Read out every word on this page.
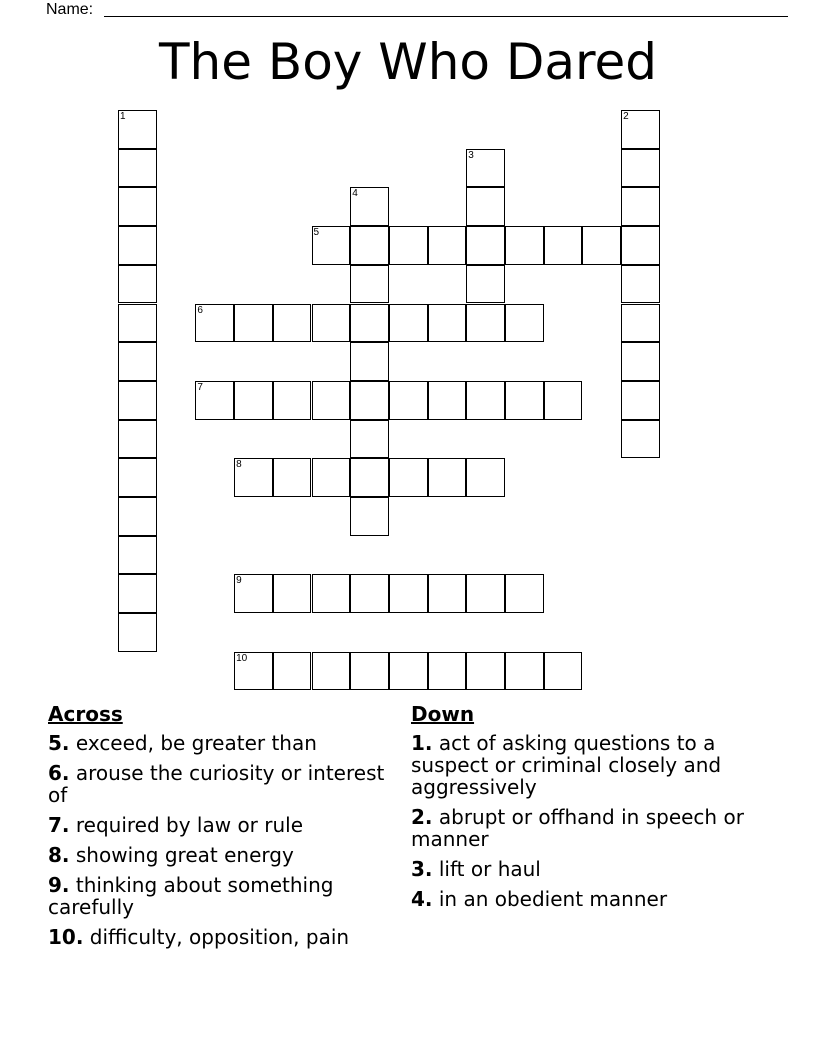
Name:
The Boy Who Dared
1	2
3
4
5
6
7
8
9
10
Across
5. exceed, be greater than
6. arouse the curiosity or interest of
7. required by law or rule
8. showing great energy
9. thinking about something carefully
10. difficulty, opposition, pain
Down
1. act of asking questions to a suspect or criminal closely and aggressively
2. abrupt or offhand in speech or manner
3. lift or haul
4. in an obedient manner
